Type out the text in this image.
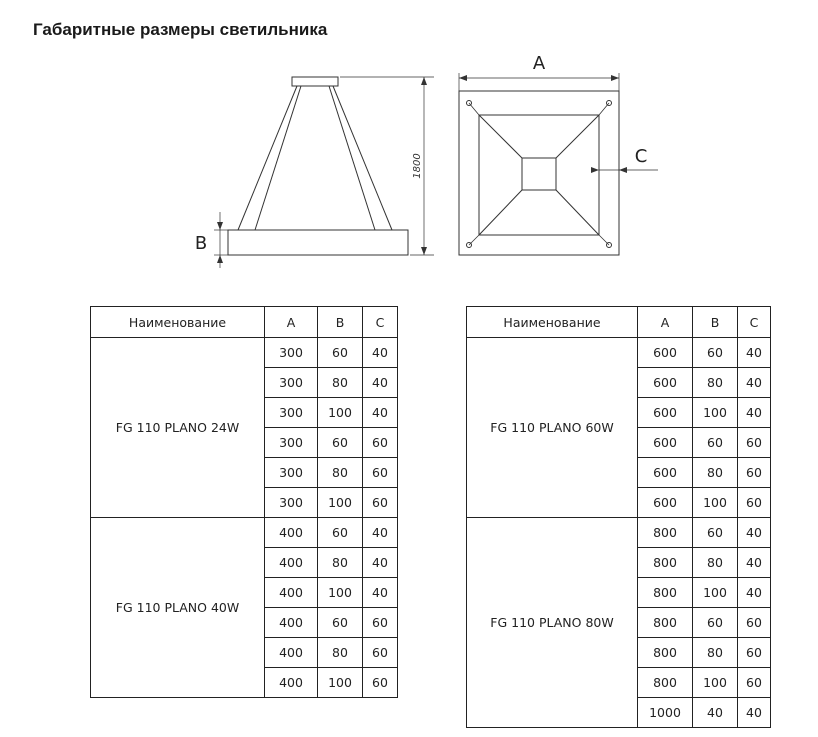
Габаритные размеры светильника
1800
B
A
C
Наименование	A	B	C
FG 110 PLANO 24W	300	60	40
	300	80	40
	300	100	40
	300	60	60
	300	80	60
	300	100	60
FG 110 PLANO 40W	400	60	40
	400	80	40
	400	100	40
	400	60	60
	400	80	60
	400	100	60
Наименование	A	B	C
FG 110 PLANO 60W	600	60	40
	600	80	40
	600	100	40
	600	60	60
	600	80	60
	600	100	60
FG 110 PLANO 80W	800	60	40
	800	80	40
	800	100	40
	800	60	60
	800	80	60
	800	100	60
	1000	40	40
